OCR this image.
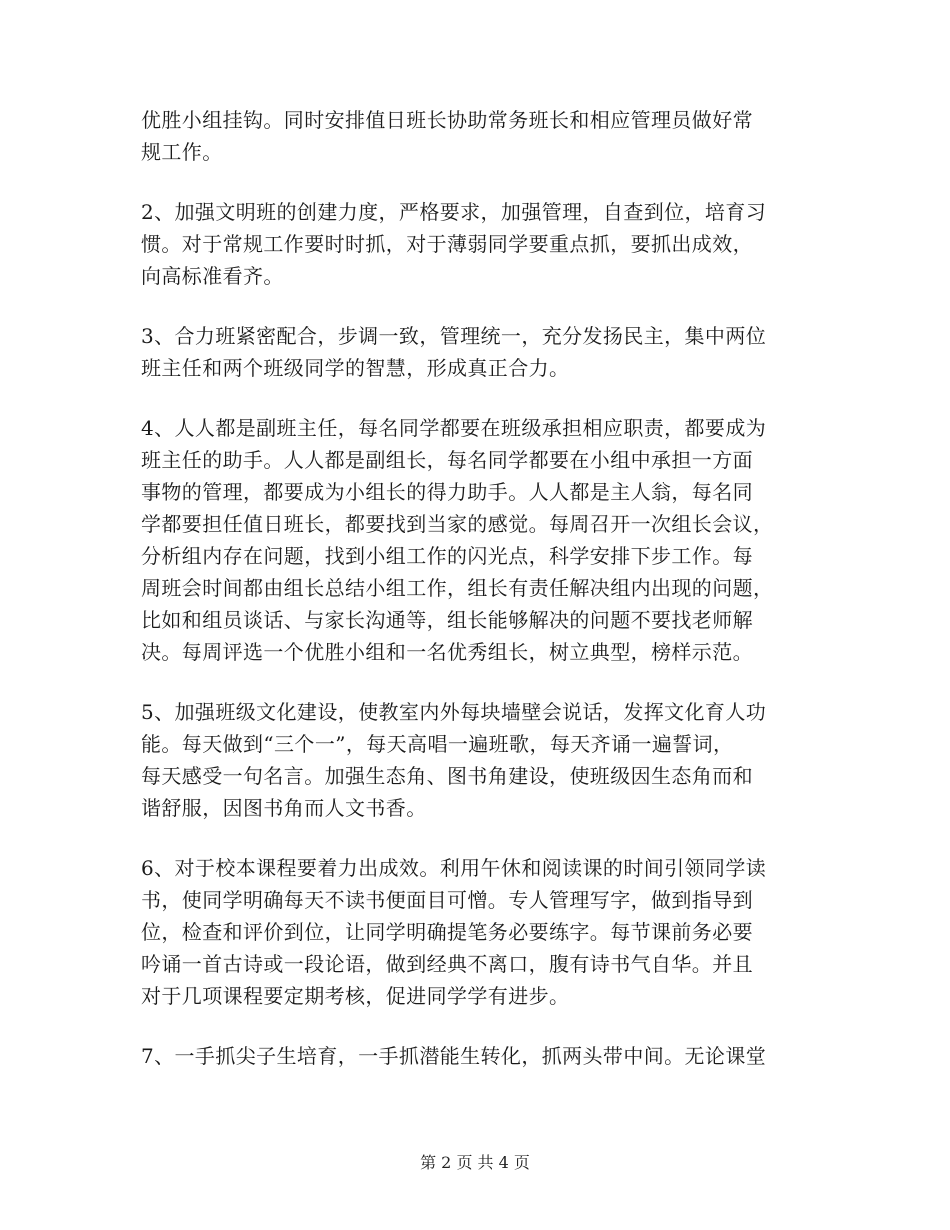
优胜小组挂钩。同时安排值日班长协助常务班长和相应管理员做好常
规工作。
2、加强文明班的创建力度，严格要求，加强管理，自查到位，培育习
惯。对于常规工作要时时抓，对于薄弱同学要重点抓，要抓出成效，
向高标准看齐。
3、合力班紧密配合，步调一致，管理统一，充分发扬民主，集中两位
班主任和两个班级同学的智慧，形成真正合力。
4、人人都是副班主任，每名同学都要在班级承担相应职责，都要成为
班主任的助手。人人都是副组长，每名同学都要在小组中承担一方面
事物的管理，都要成为小组长的得力助手。人人都是主人翁，每名同
学都要担任值日班长，都要找到当家的感觉。每周召开一次组长会议，
分析组内存在问题，找到小组工作的闪光点，科学安排下步工作。每
周班会时间都由组长总结小组工作，组长有责任解决组内出现的问题，
比如和组员谈话、与家长沟通等，组长能够解决的问题不要找老师解
决。每周评选一个优胜小组和一名优秀组长，树立典型，榜样示范。
5、加强班级文化建设，使教室内外每块墙壁会说话，发挥文化育人功
能。每天做到“三个一”，每天高唱一遍班歌，每天齐诵一遍誓词，
每天感受一句名言。加强生态角、图书角建设，使班级因生态角而和
谐舒服，因图书角而人文书香。
6、对于校本课程要着力出成效。利用午休和阅读课的时间引领同学读
书，使同学明确每天不读书便面目可憎。专人管理写字，做到指导到
位，检查和评价到位，让同学明确提笔务必要练字。每节课前务必要
吟诵一首古诗或一段论语，做到经典不离口，腹有诗书气自华。并且
对于几项课程要定期考核，促进同学学有进步。
7、一手抓尖子生培育，一手抓潜能生转化，抓两头带中间。无论课堂
第 2 页 共 4 页
